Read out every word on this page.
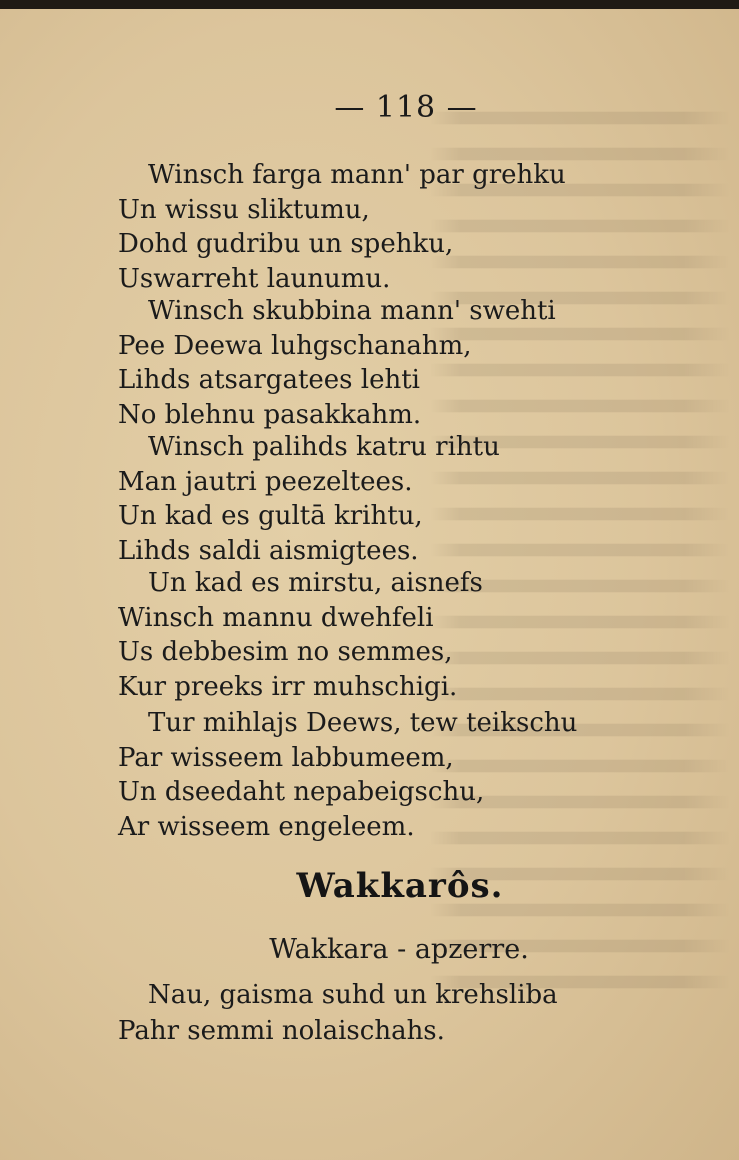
— 118 —
Winsch farga mann' par grehku
Un wissu sliktumu,
Dohd gudribu un spehku,
Uswarreht launumu.
Winsch skubbina mann' swehti
Pee Deewa luhgschanahm,
Lihds atsargatees lehti
No blehnu pasakkahm.
Winsch palihds katru rihtu
Man jautri peezeltees.
Un kad es gultā krihtu,
Lihds saldi aismigtees.
Un kad es mirstu, aisnefs
Winsch mannu dwehfeli
Us debbesim no semmes,
Kur preeks irr muhschigi.
Tur mihlajs Deews, tew teikschu
Par wisseem labbumeem,
Un dseedaht nepabeigschu,
Ar wisseem engeleem.
Wakkarôs.
Wakkara - apzerre.
Nau, gaisma suhd un krehsliba
Pahr semmi nolaischahs.
